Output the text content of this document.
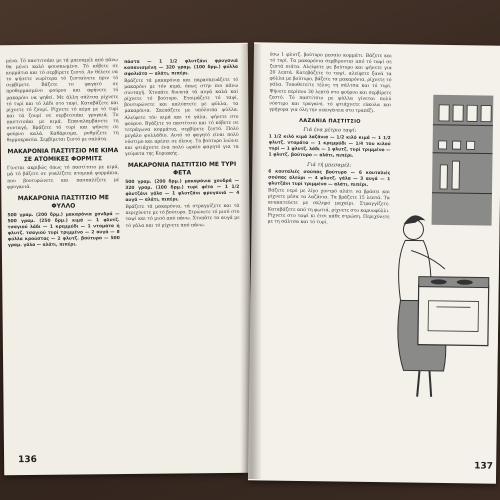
μένα. Τό παστιτσάκι με τά μπεσαμέλ από πάνω θα μένει καλό φουσκωμένο. Τό κόβετε σε κομμάτια και τό σερβίρετε ζεστό. Αν θέλετε να το ψήσετε νωρίτερα τό ζεσταίνετε πριν τό σερβίρετε. Βάζετε το φαγητό σε προθερμασμένο φούρνο και αφήνετε τό μακαρόνι να ψηθεί. Με άλλη σάλτσα ρίχνετε τό τυρί και τό λάδι στο ταψί. Καταβάζετε και ρίχνετε τό ζουμί. Ρίχνετε τό κέμπ με τό τυρί και τά ζουμί σε σερβιτσιάκι γρυγκιά. Το παστιτσάκι με κιμά. Επαναλαμβάνετε τη συνταγή. Βράζετε τό τυρί και ψήνετε σε φούρνο καλά. Καθάρισμα, ρυθμίζετε τη θερμοκρασία. Σερβίρεται ζεστό με σαλάτα.

ΜΑΚΑΡΟΝΙΑ ΠΑΣΤΙΤΣΙΟ ΜΕ ΚΙΜΑ ΣΕ ΑΤΟΜΙΚΕΣ ΦΟΡΜΙΤΣ

Γίνεται ακριβώς όπως τό παστίτσιο με κιμά, μά τό βάζετε σε γυαλίζετε ατομικά φορμάκια, που βουτυρώνετε και πασπαλίζετε μέ φρυγανιά.

ΜΑΚΑΡΟΝΙΑ ΠΑΣΤΙΤΣΙΟ ΜΕ ΦΥΛΛΟ

500 γραμ. (200 δρμ.) μακαρόνια χονδρά — 500 γραμ. (250 δρμ.) κιμά — 1 φλυτζ. τσαγιού λάδι — 1 κρεμμύδι — 1 ντομάτα ή φλυτζ. τσαγιού τυρί τριμμένο — 2 αυγά — 8 φύλλα κρούστας — 2 φλυτζ. βούτυρο — 500 γραμ. γάλα — αλάτι, πιπέρι.

πάστα — 1 1/2 φλυτζάνι φρυγανιά κοπανισμένη — 320 γραμ. (100 δρμ.) φύλλα σφολιάτα — αλάτι, πιπέρι.

Βράζετε τά μακαρόνια και παρασκευάζετε τό μακαρόνι με τόν κιμά, όπως στην πιο πάνω συνταγή. Χτυπάτε δυνατά τά αυγά καλά καί ρίχνετε τό βούτυρο. Ετοιμάζετε τό ταψί, βουτυρώνετε και καλύπτετε με φύλλα, τα μακαρόνια. Σκεπάζετε με υπόλοιπα φύλλα. Αλείφετε τόν κιμά και τό γάλα, ψήνετε στο φούρνο. Βγάζετε το παστίτσιο και τό κόβετε σε τετράγωνα κομμάτια, σερβίρετε ζεστό. Πολύ μεγάλο φυλλάδιο. Αυτό τό φαγητό είναι πολύ νόστιμο και αρέσει σε όλους. Το βούτυρο λιώνει και φτιάχνετε ένα πολύ ωραίο φαγητό για τα γεύματα της Κυριακής.

ΜΑΚΑΡΟΝΙΑ ΠΑΣΤΙΤΣΙΟ ΜΕ ΤΥΡΙ ΦΕΤΑ

500 γραμ. (200 δρμ.) μακαρόνια χονδρά — 320 γραμ. (100 δρμ.) τυρί φέτα — 1 1/2 φλυτζάνι γάλα — 1 φλυτζάνι φρυγανιά — 4 αυγά — αλάτι, πιπέρι.

Βράζετε τά μακαρόνια, τά στραγγίζετε και τά περιχύνετε με τό βούτυρο. Στρώνετε τό μισό στο ταψί και τό μισό από πάνω. Χτυπάτε τα αυγά με τό γάλα και τό ρίχνετε από πάνω.

136

έσω 1 φλυτζ. βούτυρο μεσαίο κομμάτι. Βάζετε και τό τυρί. Τα μακαρόνια σερβίρονται από τό ταψί σε ζεστά πιάτα. Αλείφετε με βούτυρο και ψήνετε για 20 λεπτά. Κατεβάζετε το ταψί, αλείφετε ξανά τα φύλλα με βούτυρο, βάζετε τα μακαρόνια, ρίχνετε τό γάλα. Τοποθετείτε τέλος τη σάλτσα και τό τυρί. Ψήνετε περίπου 30 λεπτά στο φούρνο και σερβίρετε ζεστό. Τό παστίτσιο με φύλλα γίνεται πολύ νόστιμο και τραγανό, τό φτιάχνετε εύκολα και γρήγορα για όλη την οικογένεια στο τραπέζι.

ΛΑΖΑΝΙΑ ΠΑΣΤΙΤΣΙΟ
Γιά ένα μέτριο ταψί:

1 1/2 κιλό κιμά λαζάνια — 1/2 κιλό κιμά — 1 1/2 φλυτζ. ντομάτα — 1 κρεμμύδι — 1/4 του κιλού τυρί — 1 φλυτζ. λάδι — 1 φλυτζ. τυρί τριμμένο — 1 φλυτζ. βούτυρο — αλάτι, πιπέρι.

Γιά τή μπεσαμέλ:

6 κουταλιές σούπας βούτυρο — 6 κουταλιές σούπας αλεύρι — 4 φλυτζ. γάλα — 3 αυγά — 1 φλυτζάνι τυρί τριμμένο — αλάτι, πιπέρι.

Βάζετε νερό με λίγο χοντρό αλάτι να βράσει και ρίχνετε μέσα τα λαζάνια. Τα βράζετε 15 λεπτά. Τα ανακατεύετε με σκληρό μαχαίρι. Στραγγίζετε. Καταβάζετε από τη φωτιά, ρίχνετε στο καρυοφύλλι. Ρίχνετε στο ταψί κι έτσι κάθε στρώση. Περιχύνετε με τη σάλτσα και τό τυρί.

137
